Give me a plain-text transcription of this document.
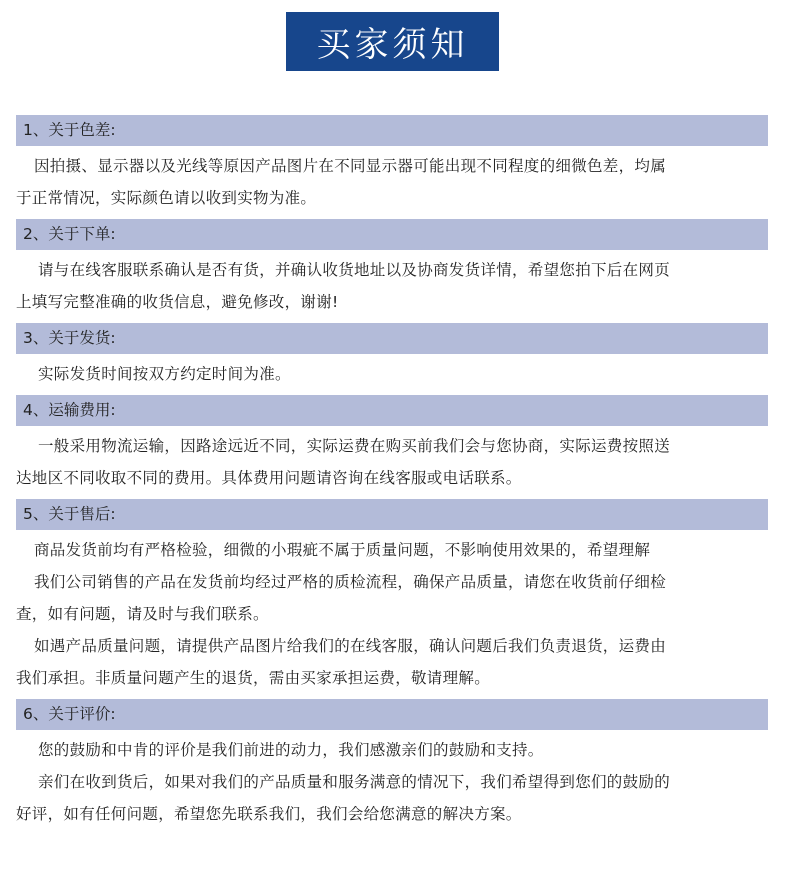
买家须知
1、关于色差:
因拍摄、显示器以及光线等原因产品图片在不同显示器可能出现不同程度的细微色差，均属
于正常情况，实际颜色请以收到实物为准。
2、关于下单:
请与在线客服联系确认是否有货，并确认收货地址以及协商发货详情，希望您拍下后在网页
上填写完整准确的收货信息，避免修改，谢谢!
3、关于发货:
实际发货时间按双方约定时间为准。
4、运输费用:
一般采用物流运输，因路途远近不同，实际运费在购买前我们会与您协商，实际运费按照送
达地区不同收取不同的费用。具体费用问题请咨询在线客服或电话联系。
5、关于售后:
商品发货前均有严格检验，细微的小瑕疵不属于质量问题，不影响使用效果的，希望理解
我们公司销售的产品在发货前均经过严格的质检流程，确保产品质量，请您在收货前仔细检
查，如有问题，请及时与我们联系。
如遇产品质量问题，请提供产品图片给我们的在线客服，确认问题后我们负责退货，运费由
我们承担。非质量问题产生的退货，需由买家承担运费，敬请理解。
6、关于评价:
您的鼓励和中肯的评价是我们前进的动力，我们感激亲们的鼓励和支持。
亲们在收到货后，如果对我们的产品质量和服务满意的情况下，我们希望得到您们的鼓励的
好评，如有任何问题，希望您先联系我们，我们会给您满意的解决方案。
